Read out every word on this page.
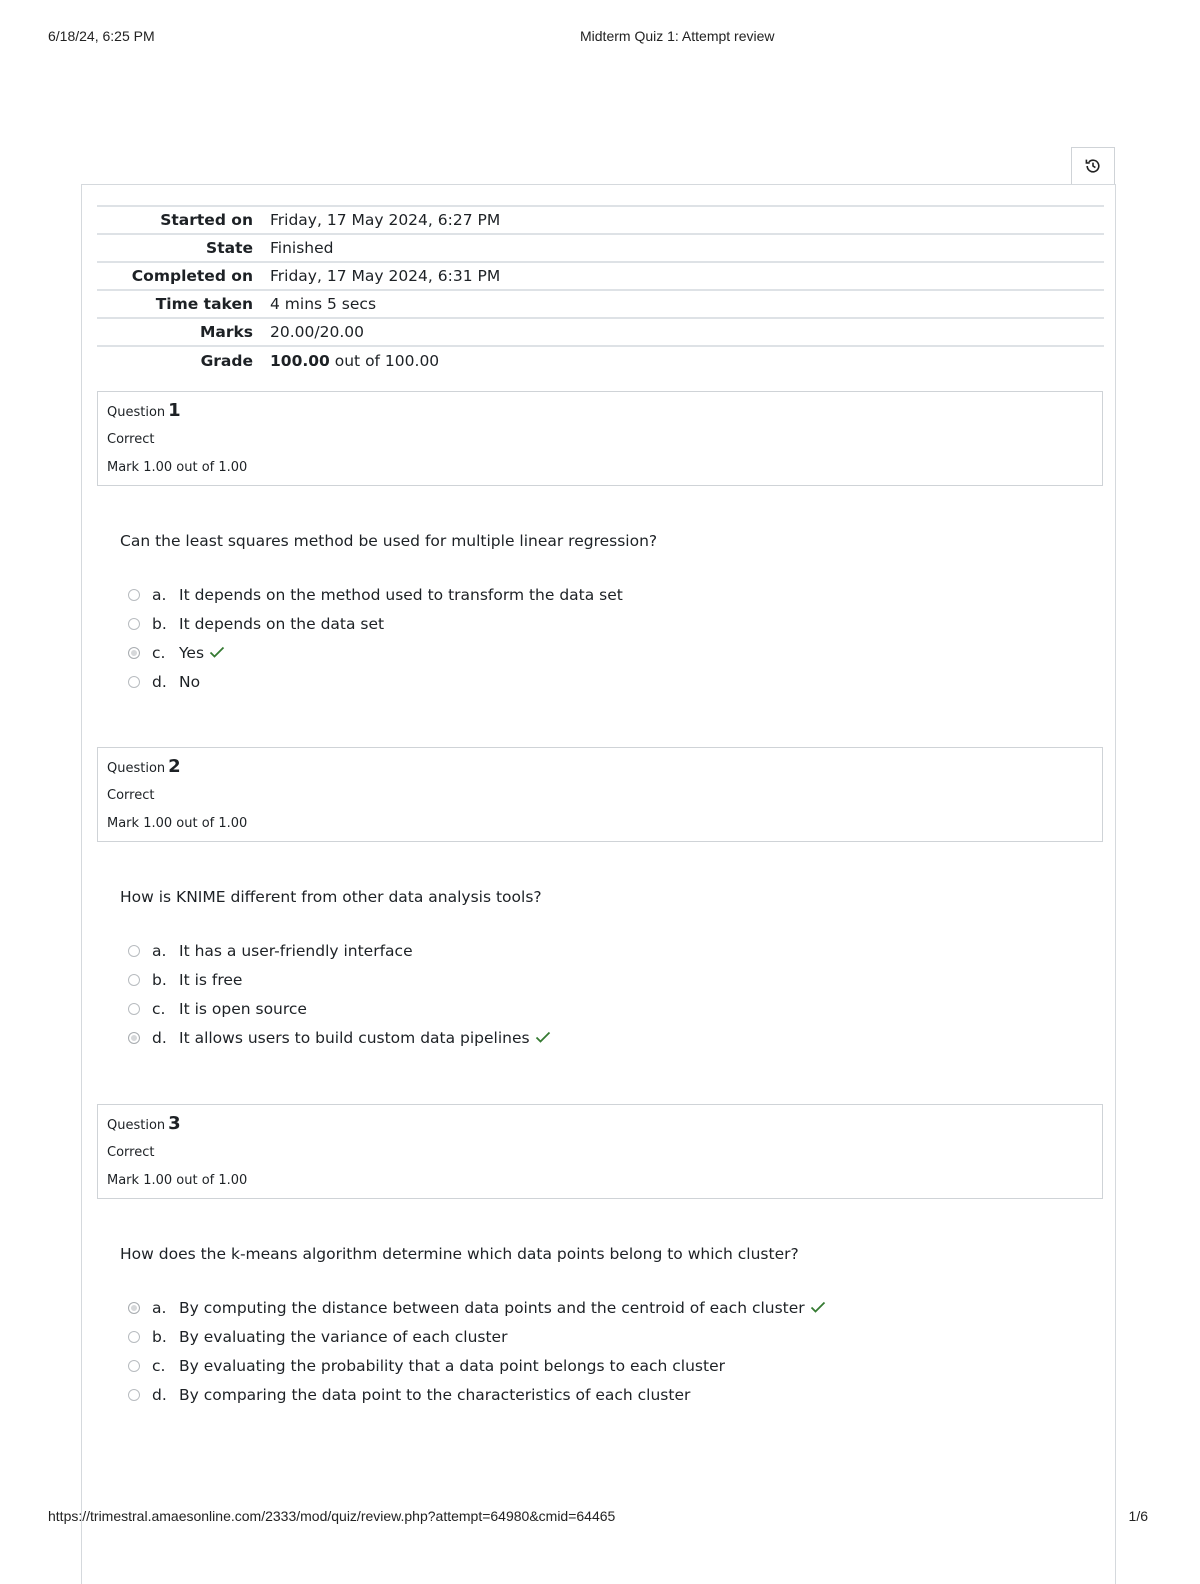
6/18/24, 6:25 PM	Midterm Quiz 1: Attempt review
Started on	Friday, 17 May 2024, 6:27 PM
State	Finished
Completed on	Friday, 17 May 2024, 6:31 PM
Time taken	4 mins 5 secs
Marks	20.00/20.00
Grade	100.00 out of 100.00
Question 1
Correct
Mark 1.00 out of 1.00
Can the least squares method be used for multiple linear regression?
a. It depends on the method used to transform the data set
b. It depends on the data set
c. Yes
d. No
Question 2
Correct
Mark 1.00 out of 1.00
How is KNIME different from other data analysis tools?
a. It has a user-friendly interface
b. It is free
c. It is open source
d. It allows users to build custom data pipelines
Question 3
Correct
Mark 1.00 out of 1.00
How does the k-means algorithm determine which data points belong to which cluster?
a. By computing the distance between data points and the centroid of each cluster
b. By evaluating the variance of each cluster
c. By evaluating the probability that a data point belongs to each cluster
d. By comparing the data point to the characteristics of each cluster
https://trimestral.amaesonline.com/2333/mod/quiz/review.php?attempt=64980&cmid=64465	1/6
